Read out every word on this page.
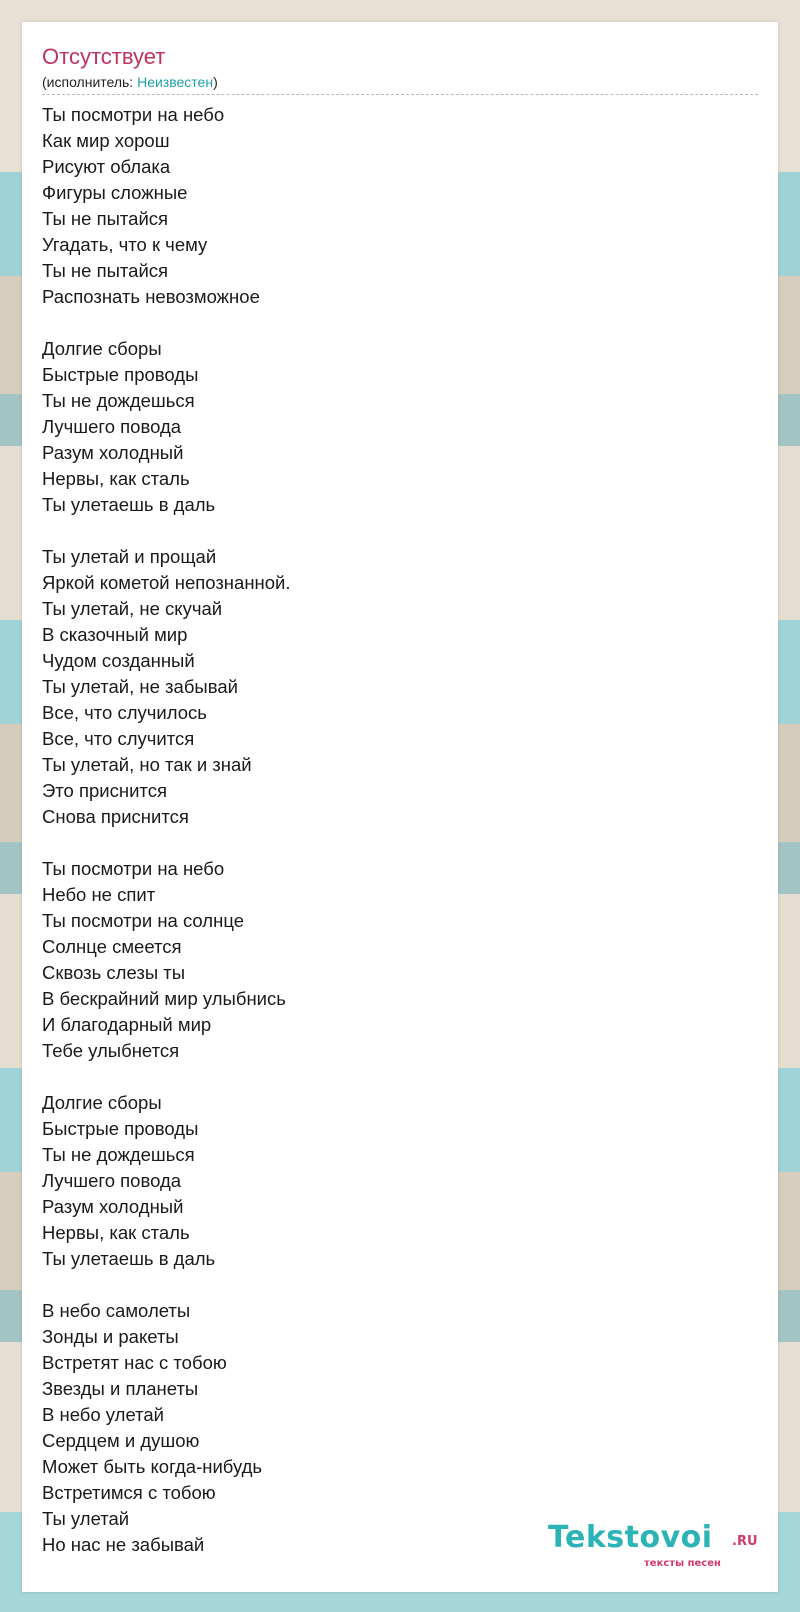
Отсутствует
(исполнитель: Неизвестен)
Ты посмотри на небо
Как мир хорош
Рисуют облака
Фигуры сложные
Ты не пытайся
Угадать, что к чему
Ты не пытайся
Распознать невозможное
Долгие сборы
Быстрые проводы
Ты не дождешься
Лучшего повода
Разум холодный
Нервы, как сталь
Ты улетаешь в даль
Ты улетай и прощай
Яркой кометой непознанной.
Ты улетай, не скучай
В сказочный мир
Чудом созданный
Ты улетай, не забывай
Все, что случилось
Все, что случится
Ты улетай, но так и знай
Это приснится
Снова приснится
Ты посмотри на небо
Небо не спит
Ты посмотри на солнце
Солнце смеется
Сквозь слезы ты
В бескрайний мир улыбнись
И благодарный мир
Тебе улыбнется
Долгие сборы
Быстрые проводы
Ты не дождешься
Лучшего повода
Разум холодный
Нервы, как сталь
Ты улетаешь в даль
В небо самолеты
Зонды и ракеты
Встретят нас с тобою
Звезды и планеты
В небо улетай
Сердцем и душою
Может быть когда-нибудь
Встретимся с тобою
Ты улетай
Но нас не забывай	Tekstovoi .RU
тексты песен
